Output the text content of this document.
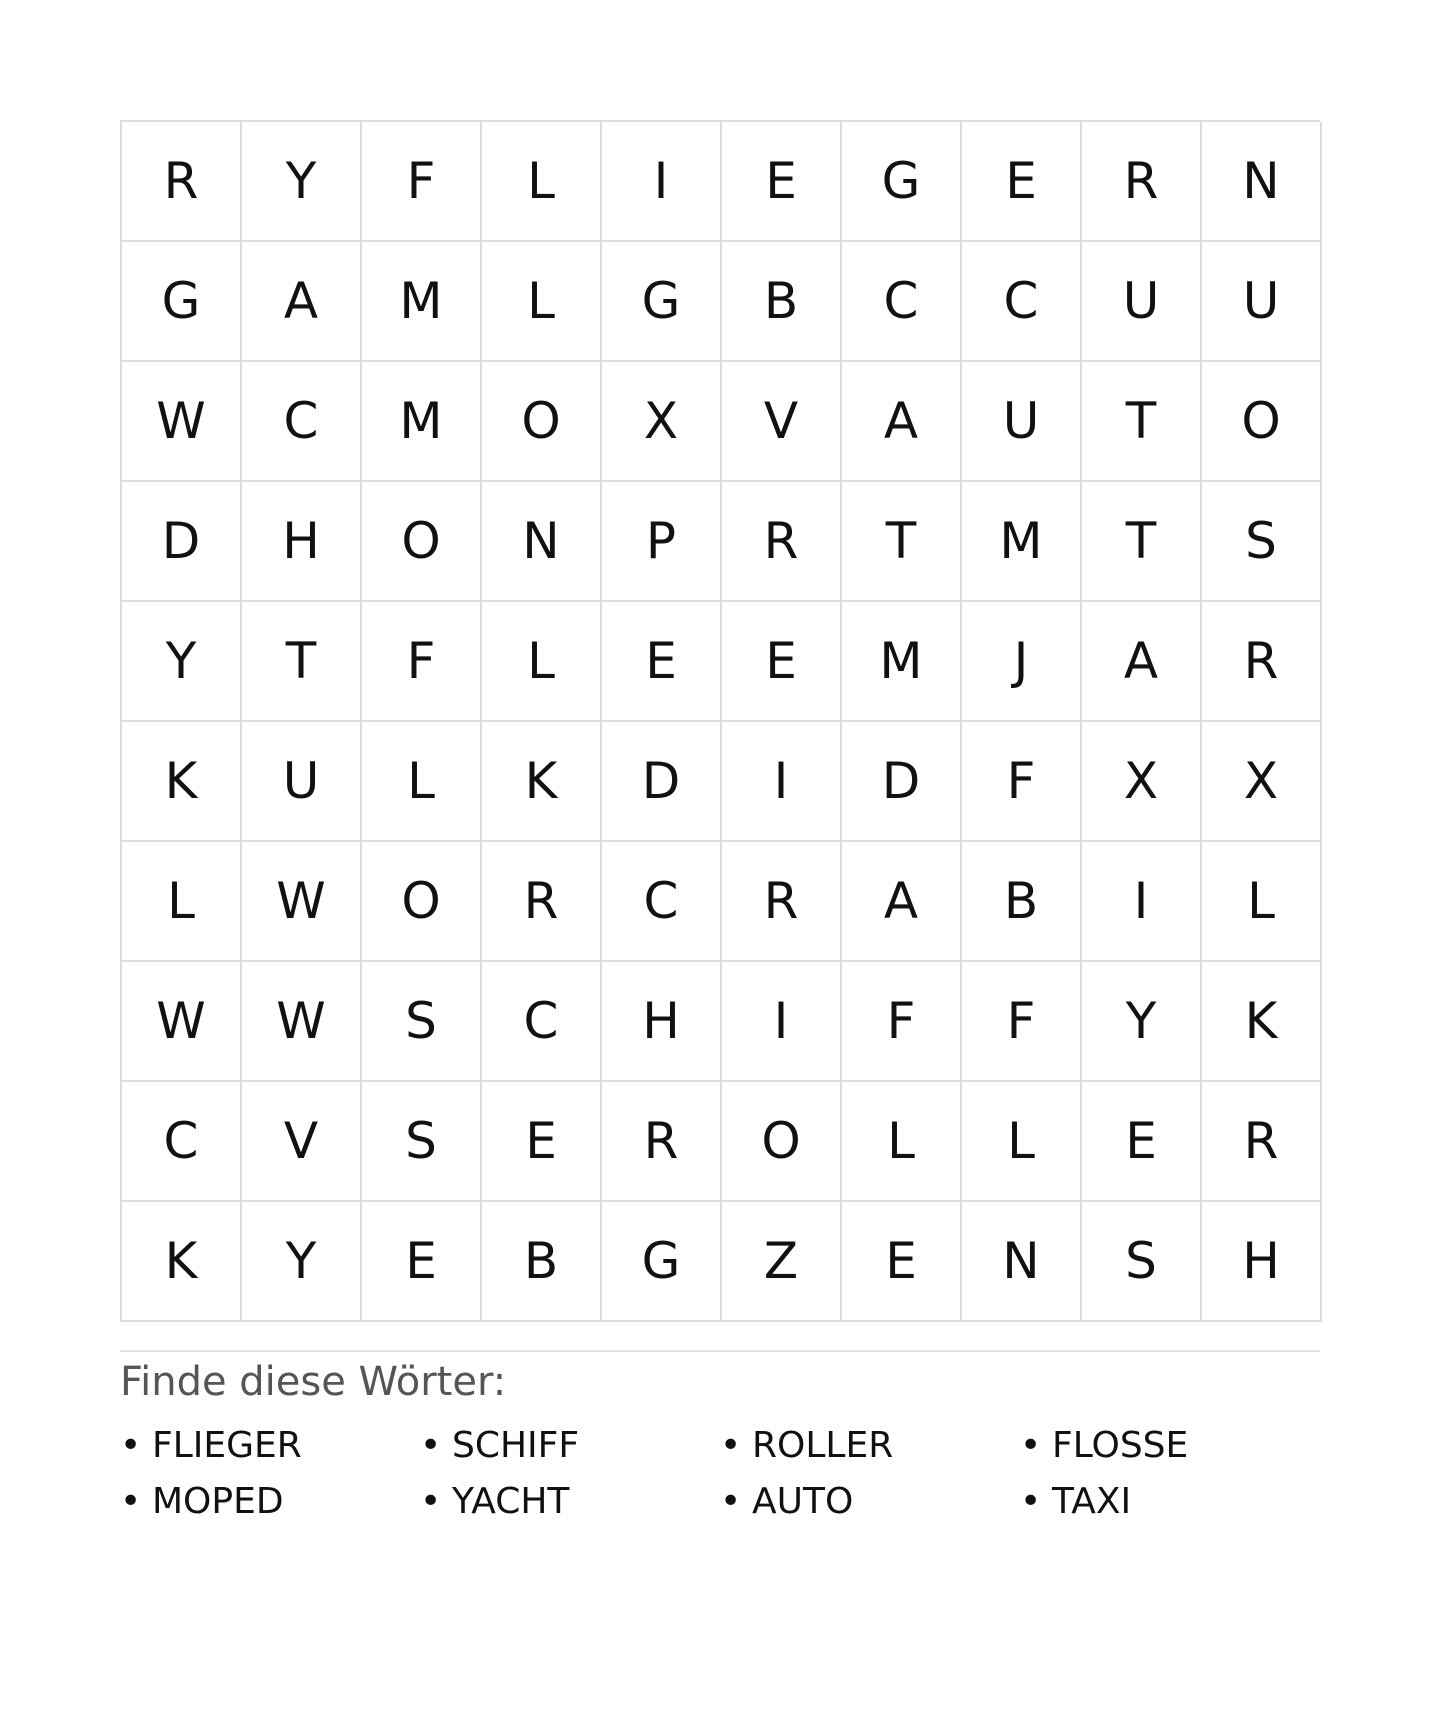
R	Y	F	L	I	E	G	E	R	N
G	A	M	L	G	B	C	C	U	U
W	C	M	O	X	V	A	U	T	O
D	H	O	N	P	R	T	M	T	S
Y	T	F	L	E	E	M	J	A	R
K	U	L	K	D	I	D	F	X	X
L	W	O	R	C	R	A	B	I	L
W	W	S	C	H	I	F	F	Y	K
C	V	S	E	R	O	L	L	E	R
K	Y	E	B	G	Z	E	N	S	H
Finde diese Wörter:
• FLIEGER	• SCHIFF	• ROLLER	• FLOSSE
• MOPED	• YACHT	• AUTO	• TAXI
